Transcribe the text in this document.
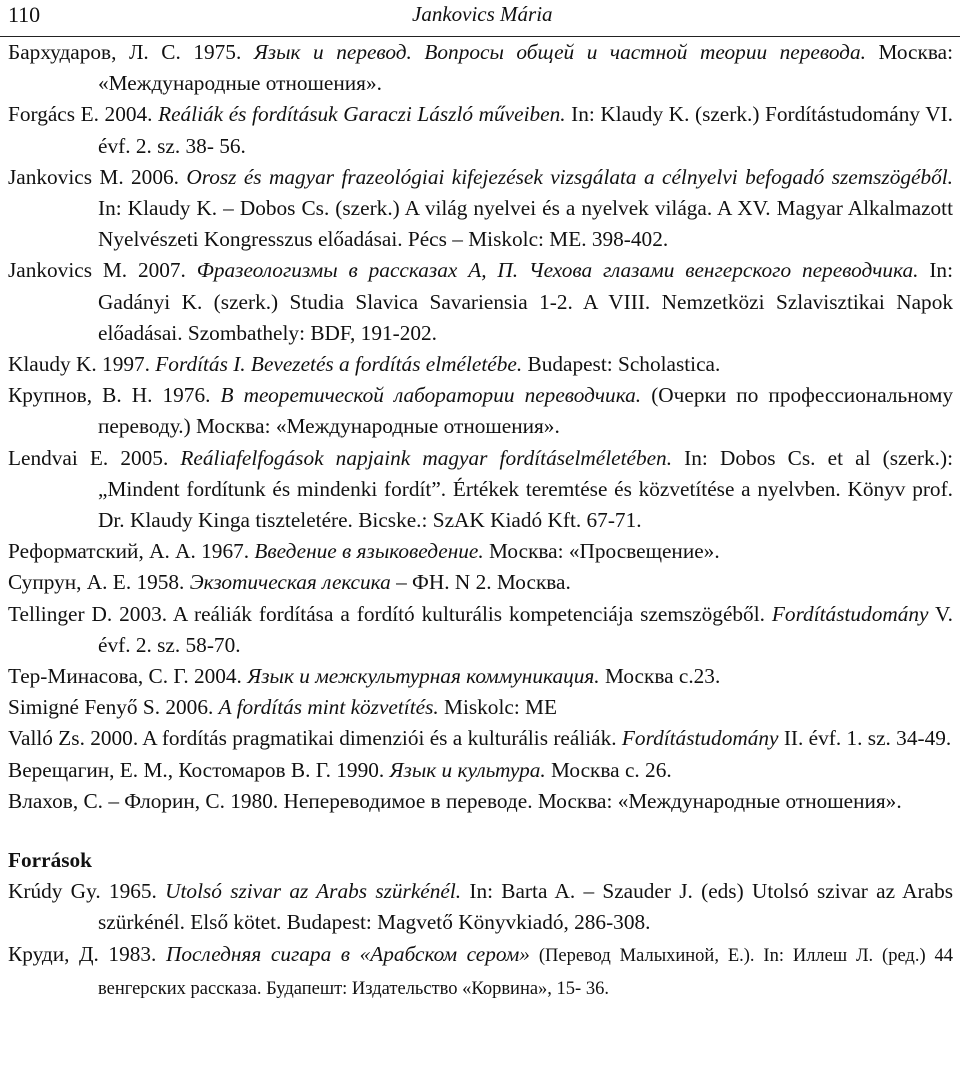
110	Jankovics Mária
Бархударов, Л. С. 1975. Язык и перевод. Вопросы общей и частной теории перевода. Москва: «Международные отношения».
Forgács E. 2004. Reáliák és fordításuk Garaczi László műveiben. In: Klaudy K. (szerk.) Fordítástudomány VI. évf. 2. sz. 38- 56.
Jankovics M. 2006. Orosz és magyar frazeológiai kifejezések vizsgálata a célnyelvi befogadó szemszögéből. In: Klaudy K. – Dobos Cs. (szerk.) A világ nyelvei és a nyelvek világa. A XV. Magyar Alkalmazott Nyelvészeti Kongresszus előadásai. Pécs – Miskolc: ME. 398-402.
Jankovics M. 2007. Фразеологизмы в рассказах А, П. Чехова глазами венгерского переводчика. In: Gadányi K. (szerk.) Studia Slavica Savariensia 1-2. A VIII. Nemzetközi Szlavisztikai Napok előadásai. Szombathely: BDF, 191-202.
Klaudy K. 1997. Fordítás I. Bevezetés a fordítás elméletébe. Budapest: Scholastica.
Крупнов, В. Н. 1976. В теоретической лаборатории переводчика. (Очерки по профессиональному переводу.) Москва: «Международные отношения».
Lendvai E. 2005. Reáliafelfogások napjaink magyar fordításelméletében. In: Dobos Cs. et al (szerk.): „Mindent fordítunk és mindenki fordít”. Értékek teremtése és közvetítése a nyelvben. Könyv prof. Dr. Klaudy Kinga tiszteletére. Bicske.: SzAK Kiadó Kft. 67-71.
Реформатский, А. А. 1967. Введение в языковедение. Москва: «Просвещение».
Супрун, А. Е. 1958. Экзотическая лексика – ФН. N 2. Москва.
Tellinger D. 2003. A reáliák fordítása a fordító kulturális kompetenciája szemszögéből. Fordítástudomány V. évf. 2. sz. 58-70.
Тер-Минасова, С. Г. 2004. Язык и межкультурная коммуникация. Москва с.23.
Simigné Fenyő S. 2006. A fordítás mint közvetítés. Miskolc: ME
Valló Zs. 2000. A fordítás pragmatikai dimenziói és a kulturális reáliák. Fordítástudomány II. évf. 1. sz. 34-49.
Верещагин, Е. М., Костомаров В. Г. 1990. Язык и культура. Москва с. 26.
Влахов, С. – Флорин, С. 1980. Непереводимое в переводе. Москва: «Международные отношения».
Források
Krúdy Gy. 1965. Utolsó szivar az Arabs szürkénél. In: Barta A. – Szauder J. (eds) Utolsó szivar az Arabs szürkénél. Első kötet. Budapest: Magvető Könyvkiadó, 286-308.
Круди, Д. 1983. Последняя сигара в «Арабском сером» (Перевод Малыхиной, Е.). In: Иллеш Л. (ред.) 44 венгерских рассказа. Будапешт: Издательство «Корвина», 15- 36.
